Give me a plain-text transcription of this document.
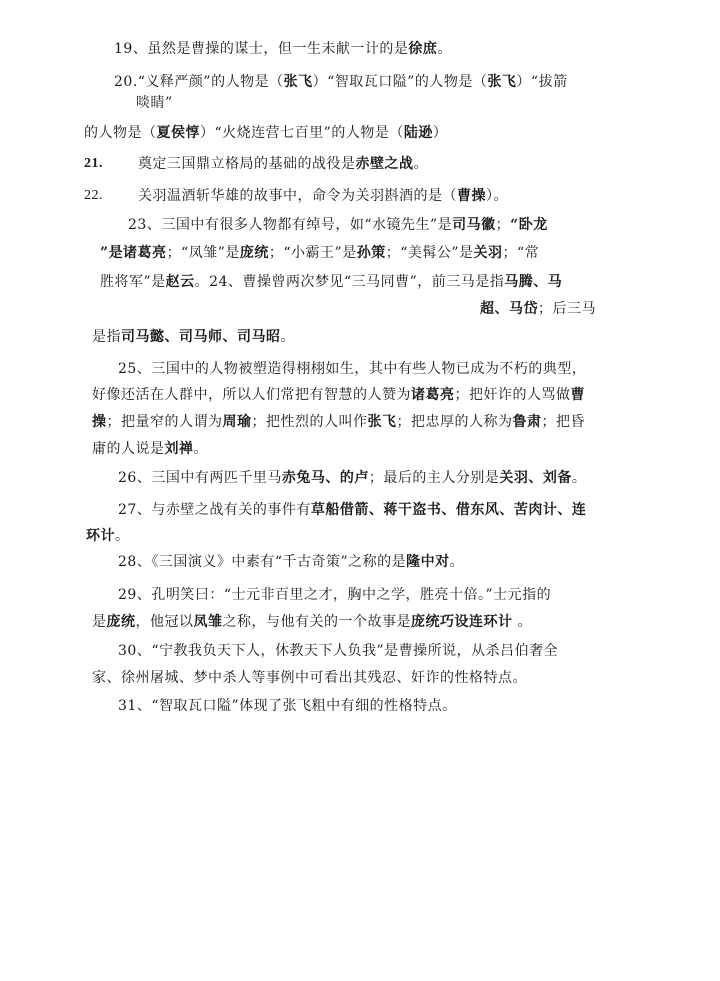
19、虽然是曹操的谋士，但一生未献一计的是徐庶。
20.“义释严颜”的人物是（张飞）“智取瓦口隘”的人物是（张飞）“拔箭
啖睛”
的人物是（夏侯惇）“火烧连营七百里”的人物是（陆逊）
21.	奠定三国鼎立格局的基础的战役是赤壁之战。
22.	关羽温酒斩华雄的故事中，命令为关羽斟酒的是（曹操）。
23、三国中有很多人物都有绰号，如“水镜先生”是司马徽；“卧龙
”是诸葛亮；“凤雏”是庞统；“小霸王”是孙策；“美髯公”是关羽；“常
胜将军”是赵云。24、曹操曾两次梦见“三马同曹”，前三马是指马腾、马
超、马岱；后三马
是指司马懿、司马师、司马昭。
25、三国中的人物被塑造得栩栩如生，其中有些人物已成为不朽的典型，
好像还活在人群中，所以人们常把有智慧的人赞为诸葛亮；把奸诈的人骂做曹
操；把量窄的人谓为周瑜；把性烈的人叫作张飞；把忠厚的人称为鲁肃；把昏
庸的人说是刘禅。
26、三国中有两匹千里马赤兔马、的卢；最后的主人分别是关羽、刘备。
27、与赤壁之战有关的事件有草船借箭、蒋干盗书、借东风、苦肉计、连
环计。
28、《三国演义》中素有“千古奇策”之称的是隆中对。
29、孔明笑曰：“士元非百里之才，胸中之学，胜亮十倍。”士元指的
是庞统，他冠以凤雏之称，与他有关的一个故事是庞统巧设连环计 。
30、“宁教我负天下人，休教天下人负我”是曹操所说，从杀吕伯奢全
家、徐州屠城、梦中杀人等事例中可看出其残忍、奸诈的性格特点。
31、“智取瓦口隘”体现了张飞粗中有细的性格特点。
